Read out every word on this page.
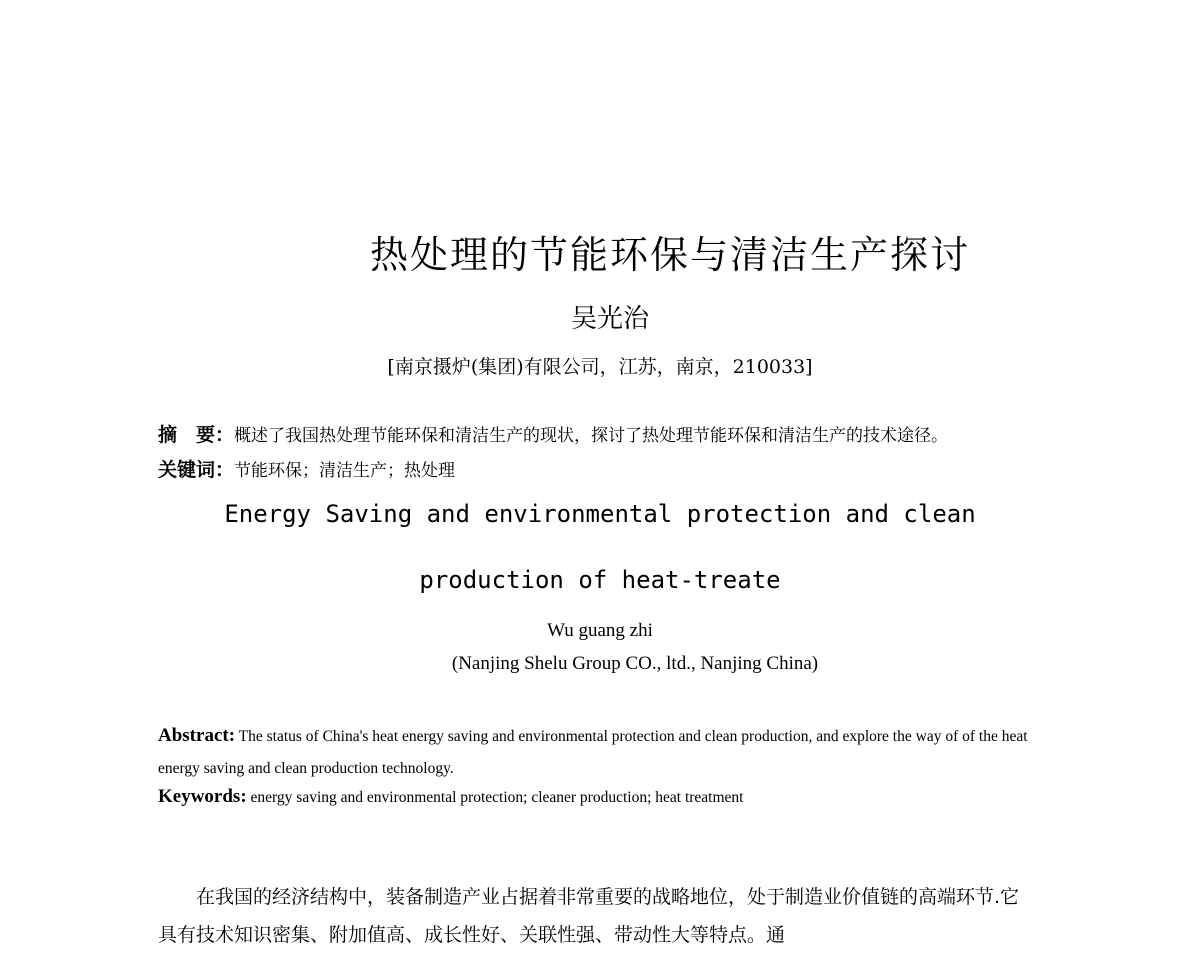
热处理的节能环保与清洁生产探讨
吴光治
[南京摄炉(集团)有限公司，江苏，南京，210033]
摘　要：概述了我国热处理节能环保和清洁生产的现状，探讨了热处理节能环保和清洁生产的技术途径。
关键词：节能环保；清洁生产；热处理
Energy Saving and environmental protection and clean
production of heat-treate
Wu guang zhi
(Nanjing Shelu Group CO., ltd., Nanjing China)
Abstract: The status of China's heat energy saving and environmental protection and clean production, and explore the way of of the heat energy saving and clean production technology.
Keywords: energy saving and environmental protection; cleaner production; heat treatment
在我国的经济结构中，装备制造产业占据着非常重要的战略地位，处于制造业价值链的高端环节.它具有技术知识密集、附加值高、成长性好、关联性强、带动性大等特点。通
